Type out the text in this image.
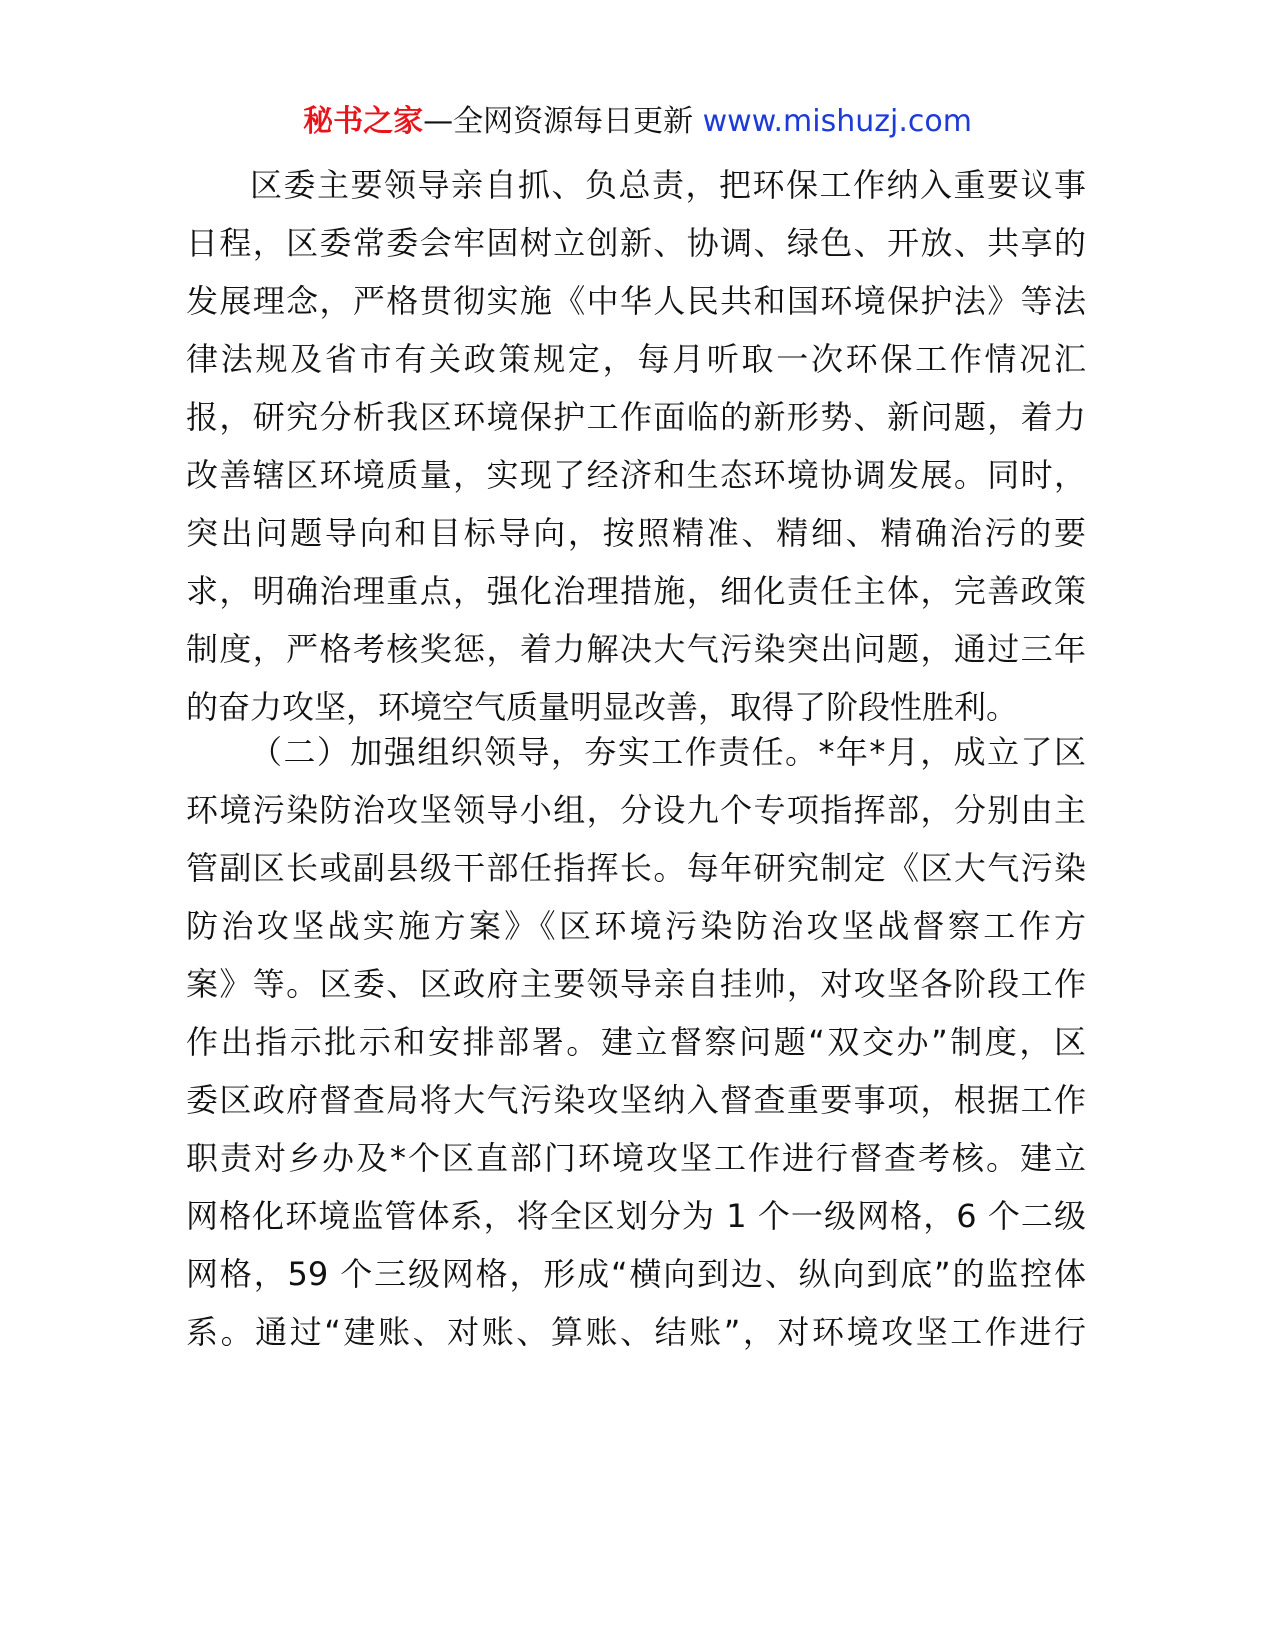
秘书之家—全网资源每日更新 www.mishuzj.com
区委主要领导亲自抓、负总责，把环保工作纳入重要议事
日程，区委常委会牢固树立创新、协调、绿色、开放、共享的
发展理念，严格贯彻实施《中华人民共和国环境保护法》等法
律法规及省市有关政策规定，每月听取一次环保工作情况汇
报，研究分析我区环境保护工作面临的新形势、新问题，着力
改善辖区环境质量，实现了经济和生态环境协调发展。同时，
突出问题导向和目标导向，按照精准、精细、精确治污的要
求，明确治理重点，强化治理措施，细化责任主体，完善政策
制度，严格考核奖惩，着力解决大气污染突出问题，通过三年
的奋力攻坚，环境空气质量明显改善，取得了阶段性胜利。
（二）加强组织领导，夯实工作责任。*年*月，成立了区
环境污染防治攻坚领导小组，分设九个专项指挥部，分别由主
管副区长或副县级干部任指挥长。每年研究制定《区大气污染
防治攻坚战实施方案》《区环境污染防治攻坚战督察工作方
案》等。区委、区政府主要领导亲自挂帅，对攻坚各阶段工作
作出指示批示和安排部署。建立督察问题“双交办”制度，区
委区政府督查局将大气污染攻坚纳入督查重要事项，根据工作
职责对乡办及*个区直部门环境攻坚工作进行督查考核。建立
网格化环境监管体系，将全区划分为 1 个一级网格，6 个二级
网格，59 个三级网格，形成“横向到边、纵向到底”的监控体
系。通过“建账、对账、算账、结账”，对环境攻坚工作进行
